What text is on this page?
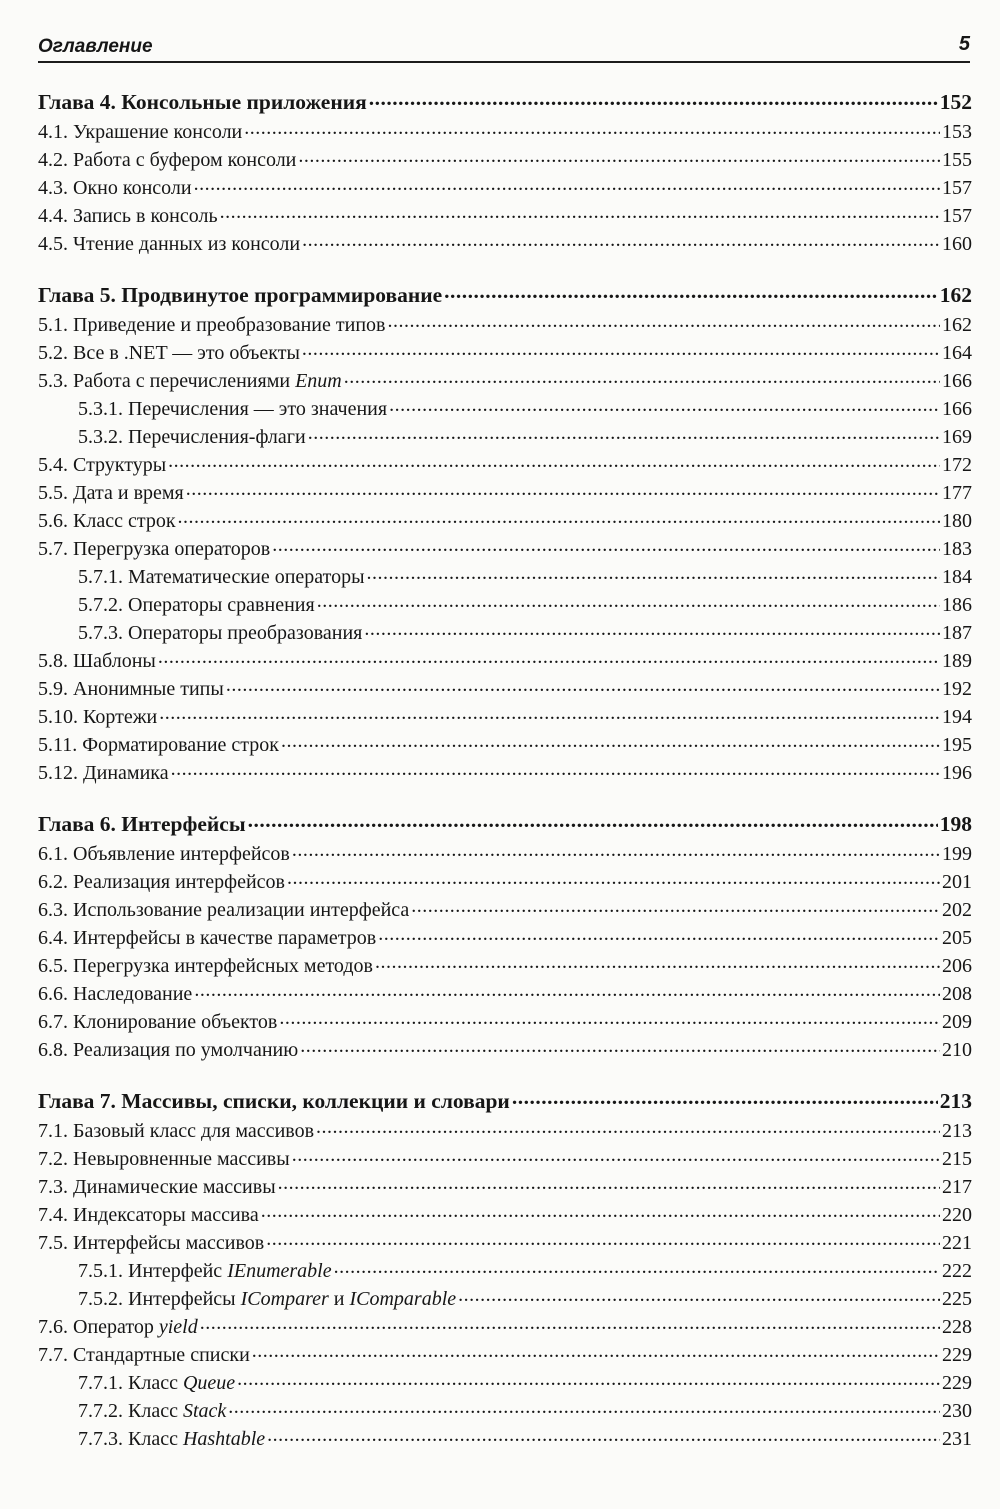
Оглавление	5
Глава 4. Консольные приложения .....	152
4.1. Украшение консоли .....	153
4.2. Работа с буфером консоли .....	155
4.3. Окно консоли .....	157
4.4. Запись в консоль .....	157
4.5. Чтение данных из консоли .....	160
Глава 5. Продвинутое программирование .....	162
5.1. Приведение и преобразование типов .....	162
5.2. Все в .NET — это объекты .....	164
5.3. Работа с перечислениями Enum .....	166
5.3.1. Перечисления — это значения .....	166
5.3.2. Перечисления-флаги .....	169
5.4. Структуры .....	172
5.5. Дата и время .....	177
5.6. Класс строк .....	180
5.7. Перегрузка операторов .....	183
5.7.1. Математические операторы .....	184
5.7.2. Операторы сравнения .....	186
5.7.3. Операторы преобразования .....	187
5.8. Шаблоны .....	189
5.9. Анонимные типы .....	192
5.10. Кортежи .....	194
5.11. Форматирование строк .....	195
5.12. Динамика .....	196
Глава 6. Интерфейсы .....	198
6.1. Объявление интерфейсов .....	199
6.2. Реализация интерфейсов .....	201
6.3. Использование реализации интерфейса .....	202
6.4. Интерфейсы в качестве параметров .....	205
6.5. Перегрузка интерфейсных методов .....	206
6.6. Наследование .....	208
6.7. Клонирование объектов .....	209
6.8. Реализация по умолчанию .....	210
Глава 7. Массивы, списки, коллекции и словари .....	213
7.1. Базовый класс для массивов .....	213
7.2. Невыровненные массивы .....	215
7.3. Динамические массивы .....	217
7.4. Индексаторы массива .....	220
7.5. Интерфейсы массивов .....	221
7.5.1. Интерфейс IEnumerable .....	222
7.5.2. Интерфейсы IComparer и IComparable .....	225
7.6. Оператор yield .....	228
7.7. Стандартные списки .....	229
7.7.1. Класс Queue .....	229
7.7.2. Класс Stack .....	230
7.7.3. Класс Hashtable .....	231
